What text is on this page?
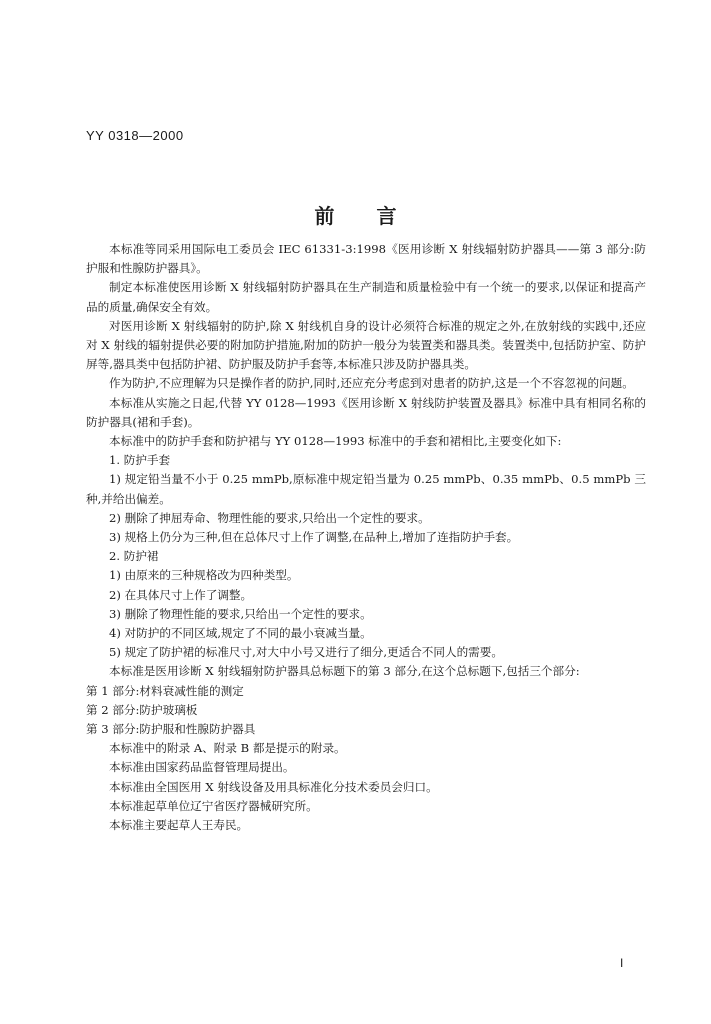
YY 0318—2000
前言

本标准等同采用国际电工委员会 IEC 61331-3:1998《医用诊断 X 射线辐射防护器具——第 3 部分:防护服和性腺防护器具》。

制定本标准使医用诊断 X 射线辐射防护器具在生产制造和质量检验中有一个统一的要求,以保证和提高产品的质量,确保安全有效。

对医用诊断 X 射线辐射的防护,除 X 射线机自身的设计必须符合标准的规定之外,在放射线的实践中,还应对 X 射线的辐射提供必要的附加防护措施,附加的防护一般分为装置类和器具类。装置类中,包括防护室、防护屏等,器具类中包括防护裙、防护服及防护手套等,本标准只涉及防护器具类。

作为防护,不应理解为只是操作者的防护,同时,还应充分考虑到对患者的防护,这是一个不容忽视的问题。

本标准从实施之日起,代替 YY 0128—1993《医用诊断 X 射线防护装置及器具》标准中具有相同名称的防护器具(裙和手套)。

本标准中的防护手套和防护裙与 YY 0128—1993 标准中的手套和裙相比,主要变化如下:

1. 防护手套

1) 规定铅当量不小于 0.25 mmPb,原标准中规定铅当量为 0.25 mmPb、0.35 mmPb、0.5 mmPb 三种,并给出偏差。

2) 删除了抻屈寿命、物理性能的要求,只给出一个定性的要求。

3) 规格上仍分为三种,但在总体尺寸上作了调整,在品种上,增加了连指防护手套。

2. 防护裙

1) 由原来的三种规格改为四种类型。

2) 在具体尺寸上作了调整。

3) 删除了物理性能的要求,只给出一个定性的要求。

4) 对防护的不同区域,规定了不同的最小衰减当量。

5) 规定了防护裙的标准尺寸,对大中小号又进行了细分,更适合不同人的需要。

本标准是医用诊断 X 射线辐射防护器具总标题下的第 3 部分,在这个总标题下,包括三个部分:

第 1 部分:材料衰减性能的测定

第 2 部分:防护玻璃板

第 3 部分:防护服和性腺防护器具

本标准中的附录 A、附录 B 都是提示的附录。

本标准由国家药品监督管理局提出。

本标准由全国医用 X 射线设备及用具标准化分技术委员会归口。

本标准起草单位辽宁省医疗器械研究所。

本标准主要起草人王寿民。

I
